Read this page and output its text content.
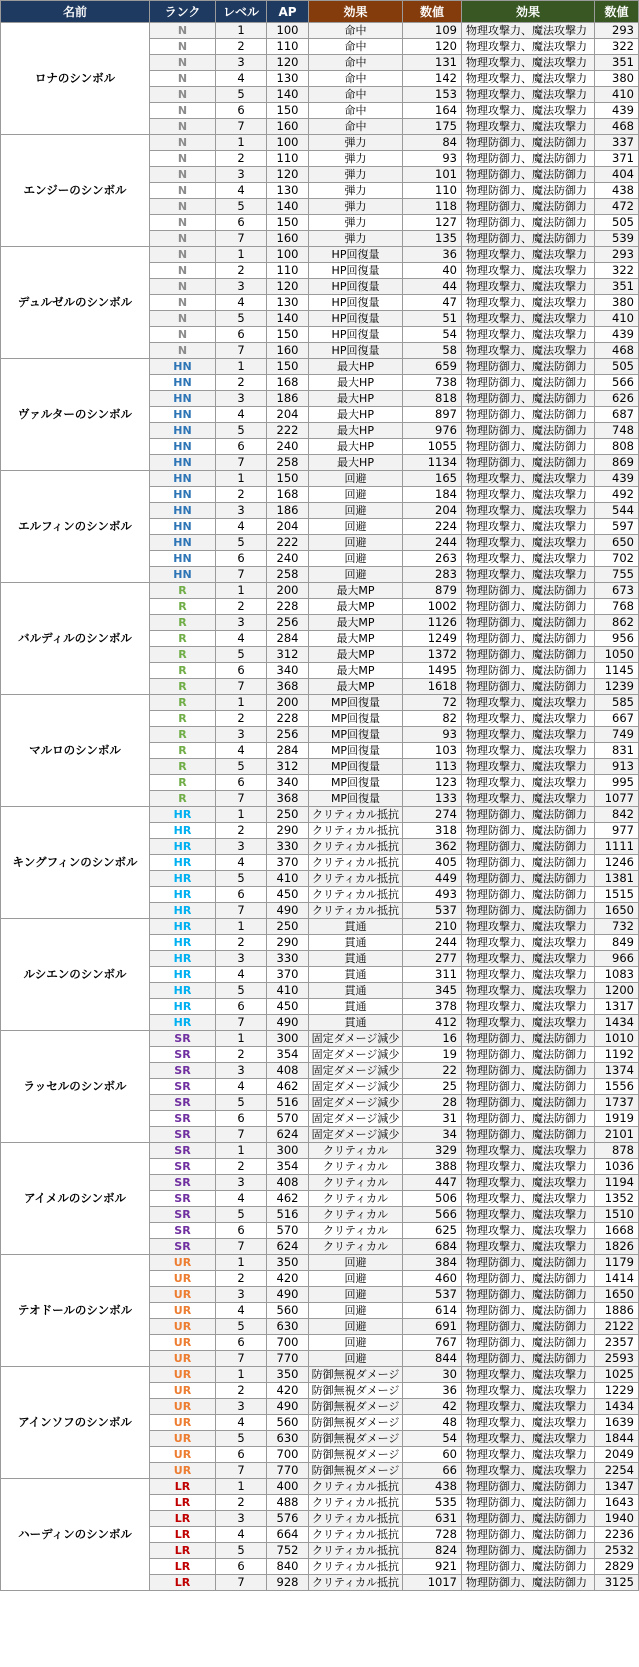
名前	ランク	レベル	AP	効果	数値	効果	数値
ロナのシンボル	N	1	100	命中	109	物理攻撃力、魔法攻撃力	293
	N	2	110	命中	120	物理攻撃力、魔法攻撃力	322
	N	3	120	命中	131	物理攻撃力、魔法攻撃力	351
	N	4	130	命中	142	物理攻撃力、魔法攻撃力	380
	N	5	140	命中	153	物理攻撃力、魔法攻撃力	410
	N	6	150	命中	164	物理攻撃力、魔法攻撃力	439
	N	7	160	命中	175	物理攻撃力、魔法攻撃力	468
エンジーのシンボル	N	1	100	弾力	84	物理防御力、魔法防御力	337
	N	2	110	弾力	93	物理防御力、魔法防御力	371
	N	3	120	弾力	101	物理防御力、魔法防御力	404
	N	4	130	弾力	110	物理防御力、魔法防御力	438
	N	5	140	弾力	118	物理防御力、魔法防御力	472
	N	6	150	弾力	127	物理防御力、魔法防御力	505
	N	7	160	弾力	135	物理防御力、魔法防御力	539
デュルゼルのシンボル	N	1	100	HP回復量	36	物理攻撃力、魔法攻撃力	293
	N	2	110	HP回復量	40	物理攻撃力、魔法攻撃力	322
	N	3	120	HP回復量	44	物理攻撃力、魔法攻撃力	351
	N	4	130	HP回復量	47	物理攻撃力、魔法攻撃力	380
	N	5	140	HP回復量	51	物理攻撃力、魔法攻撃力	410
	N	6	150	HP回復量	54	物理攻撃力、魔法攻撃力	439
	N	7	160	HP回復量	58	物理攻撃力、魔法攻撃力	468
ヴァルターのシンボル	HN	1	150	最大HP	659	物理防御力、魔法防御力	505
	HN	2	168	最大HP	738	物理防御力、魔法防御力	566
	HN	3	186	最大HP	818	物理防御力、魔法防御力	626
	HN	4	204	最大HP	897	物理防御力、魔法防御力	687
	HN	5	222	最大HP	976	物理防御力、魔法防御力	748
	HN	6	240	最大HP	1055	物理防御力、魔法防御力	808
	HN	7	258	最大HP	1134	物理防御力、魔法防御力	869
エルフィンのシンボル	HN	1	150	回避	165	物理攻撃力、魔法攻撃力	439
	HN	2	168	回避	184	物理攻撃力、魔法攻撃力	492
	HN	3	186	回避	204	物理攻撃力、魔法攻撃力	544
	HN	4	204	回避	224	物理攻撃力、魔法攻撃力	597
	HN	5	222	回避	244	物理攻撃力、魔法攻撃力	650
	HN	6	240	回避	263	物理攻撃力、魔法攻撃力	702
	HN	7	258	回避	283	物理攻撃力、魔法攻撃力	755
バルディルのシンボル	R	1	200	最大MP	879	物理防御力、魔法防御力	673
	R	2	228	最大MP	1002	物理防御力、魔法防御力	768
	R	3	256	最大MP	1126	物理防御力、魔法防御力	862
	R	4	284	最大MP	1249	物理防御力、魔法防御力	956
	R	5	312	最大MP	1372	物理防御力、魔法防御力	1050
	R	6	340	最大MP	1495	物理防御力、魔法防御力	1145
	R	7	368	最大MP	1618	物理防御力、魔法防御力	1239
マルロのシンボル	R	1	200	MP回復量	72	物理攻撃力、魔法攻撃力	585
	R	2	228	MP回復量	82	物理攻撃力、魔法攻撃力	667
	R	3	256	MP回復量	93	物理攻撃力、魔法攻撃力	749
	R	4	284	MP回復量	103	物理攻撃力、魔法攻撃力	831
	R	5	312	MP回復量	113	物理攻撃力、魔法攻撃力	913
	R	6	340	MP回復量	123	物理攻撃力、魔法攻撃力	995
	R	7	368	MP回復量	133	物理攻撃力、魔法攻撃力	1077
キングフィンのシンボル	HR	1	250	クリティカル抵抗	274	物理防御力、魔法防御力	842
	HR	2	290	クリティカル抵抗	318	物理防御力、魔法防御力	977
	HR	3	330	クリティカル抵抗	362	物理防御力、魔法防御力	1111
	HR	4	370	クリティカル抵抗	405	物理防御力、魔法防御力	1246
	HR	5	410	クリティカル抵抗	449	物理防御力、魔法防御力	1381
	HR	6	450	クリティカル抵抗	493	物理防御力、魔法防御力	1515
	HR	7	490	クリティカル抵抗	537	物理防御力、魔法防御力	1650
ルシエンのシンボル	HR	1	250	貫通	210	物理攻撃力、魔法攻撃力	732
	HR	2	290	貫通	244	物理攻撃力、魔法攻撃力	849
	HR	3	330	貫通	277	物理攻撃力、魔法攻撃力	966
	HR	4	370	貫通	311	物理攻撃力、魔法攻撃力	1083
	HR	5	410	貫通	345	物理攻撃力、魔法攻撃力	1200
	HR	6	450	貫通	378	物理攻撃力、魔法攻撃力	1317
	HR	7	490	貫通	412	物理攻撃力、魔法攻撃力	1434
ラッセルのシンボル	SR	1	300	固定ダメージ減少	16	物理防御力、魔法防御力	1010
	SR	2	354	固定ダメージ減少	19	物理防御力、魔法防御力	1192
	SR	3	408	固定ダメージ減少	22	物理防御力、魔法防御力	1374
	SR	4	462	固定ダメージ減少	25	物理防御力、魔法防御力	1556
	SR	5	516	固定ダメージ減少	28	物理防御力、魔法防御力	1737
	SR	6	570	固定ダメージ減少	31	物理防御力、魔法防御力	1919
	SR	7	624	固定ダメージ減少	34	物理防御力、魔法防御力	2101
アイメルのシンボル	SR	1	300	クリティカル	329	物理攻撃力、魔法攻撃力	878
	SR	2	354	クリティカル	388	物理攻撃力、魔法攻撃力	1036
	SR	3	408	クリティカル	447	物理攻撃力、魔法攻撃力	1194
	SR	4	462	クリティカル	506	物理攻撃力、魔法攻撃力	1352
	SR	5	516	クリティカル	566	物理攻撃力、魔法攻撃力	1510
	SR	6	570	クリティカル	625	物理攻撃力、魔法攻撃力	1668
	SR	7	624	クリティカル	684	物理攻撃力、魔法攻撃力	1826
テオドールのシンボル	UR	1	350	回避	384	物理防御力、魔法防御力	1179
	UR	2	420	回避	460	物理防御力、魔法防御力	1414
	UR	3	490	回避	537	物理防御力、魔法防御力	1650
	UR	4	560	回避	614	物理防御力、魔法防御力	1886
	UR	5	630	回避	691	物理防御力、魔法防御力	2122
	UR	6	700	回避	767	物理防御力、魔法防御力	2357
	UR	7	770	回避	844	物理防御力、魔法防御力	2593
アインソフのシンボル	UR	1	350	防御無視ダメージ	30	物理攻撃力、魔法攻撃力	1025
	UR	2	420	防御無視ダメージ	36	物理攻撃力、魔法攻撃力	1229
	UR	3	490	防御無視ダメージ	42	物理攻撃力、魔法攻撃力	1434
	UR	4	560	防御無視ダメージ	48	物理攻撃力、魔法攻撃力	1639
	UR	5	630	防御無視ダメージ	54	物理攻撃力、魔法攻撃力	1844
	UR	6	700	防御無視ダメージ	60	物理攻撃力、魔法攻撃力	2049
	UR	7	770	防御無視ダメージ	66	物理攻撃力、魔法攻撃力	2254
ハーディンのシンボル	LR	1	400	クリティカル抵抗	438	物理防御力、魔法防御力	1347
	LR	2	488	クリティカル抵抗	535	物理防御力、魔法防御力	1643
	LR	3	576	クリティカル抵抗	631	物理防御力、魔法防御力	1940
	LR	4	664	クリティカル抵抗	728	物理防御力、魔法防御力	2236
	LR	5	752	クリティカル抵抗	824	物理防御力、魔法防御力	2532
	LR	6	840	クリティカル抵抗	921	物理防御力、魔法防御力	2829
	LR	7	928	クリティカル抵抗	1017	物理防御力、魔法防御力	3125
